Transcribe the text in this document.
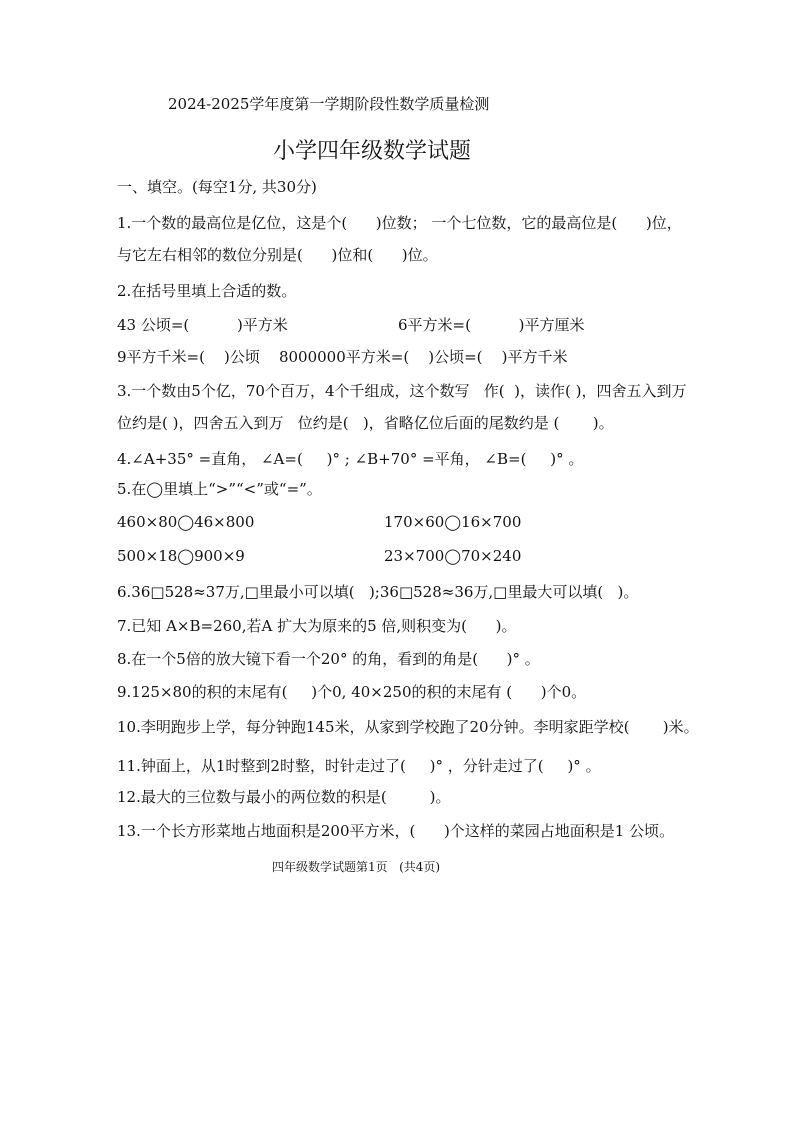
2024-2025学年度第一学期阶段性数学质量检测
小学四年级数学试题
一、填空。(每空1分, 共30分)
1.一个数的最高位是亿位，这是个(      )位数； 一个七位数，它的最高位是(      )位，
与它左右相邻的数位分别是(      )位和(      )位。
2.在括号里填上合适的数。
43 公顷=(          )平方米	6平方米=(          )平方厘米
9平方千米=(    )公顷    8000000平方米=(    )公顷=(    )平方千米
3.一个数由5个亿，70个百万，4个千组成，这个数写   作(  )，读作( )，四舍五入到万
位约是( )，四舍五入到万   位约是(   )，省略亿位后面的尾数约是 (       )。
4.∠A+35° =直角， ∠A=(     )° ; ∠B+70° =平角， ∠B=(     )° 。
5.在◯里填上“>”“<”或“=”。
460×80◯46×800	170×60◯16×700
500×18◯900×9	23×700◯70×240
6.36□528≈37万,□里最小可以填(   );36□528≈36万,□里最大可以填(   )。
7.已知 A×B=260,若A 扩大为原来的5 倍,则积变为(      )。
8.在一个5倍的放大镜下看一个20° 的角，看到的角是(      )° 。
9.125×80的积的末尾有(     )个0, 40×250的积的末尾有 (      )个0。
10.李明跑步上学，每分钟跑145米，从家到学校跑了20分钟。李明家距学校(       )米。
11.钟面上，从1时整到2时整，时针走过了(     )° ，分针走过了(     )° 。
12.最大的三位数与最小的两位数的积是(         )。
13.一个长方形菜地占地面积是200平方米，(      )个这样的菜园占地面积是1 公顷。
四年级数学试题第1页   (共4页)
